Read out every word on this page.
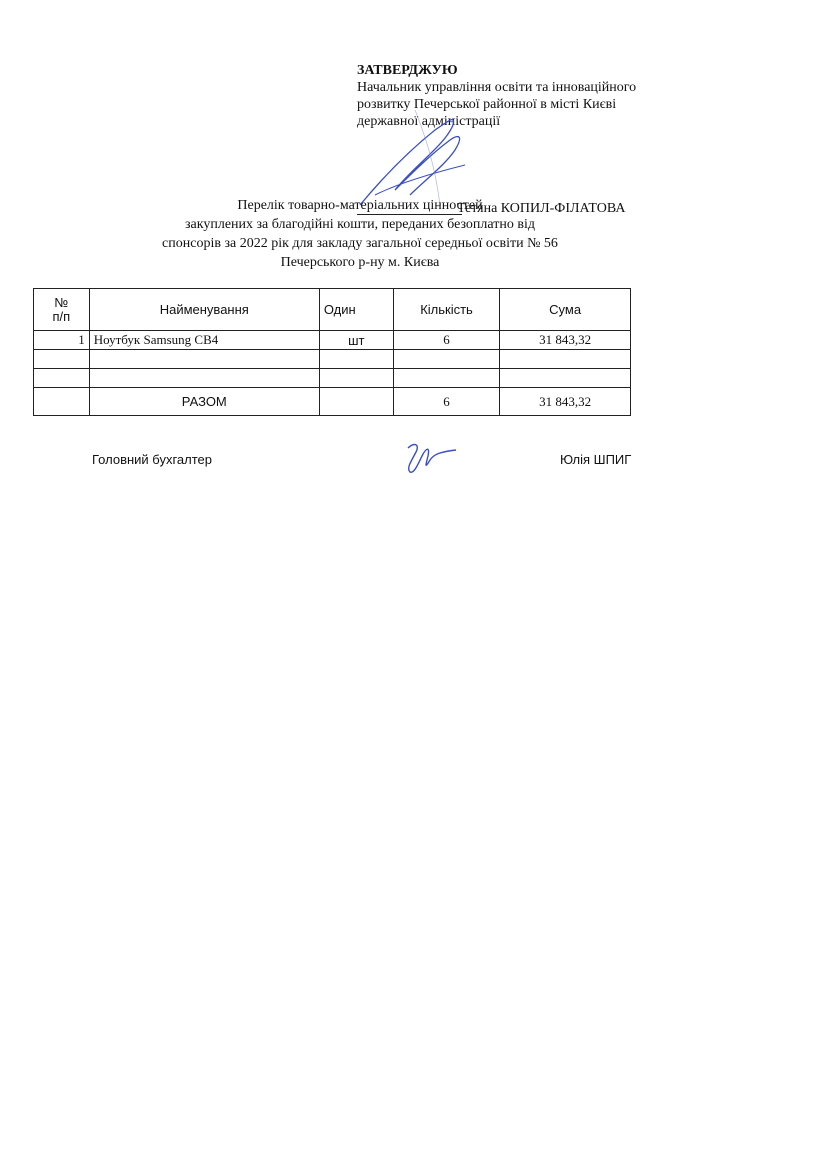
ЗАТВЕРДЖУЮ
Начальник управління освіти та інноваційного
розвитку Печерської районної в місті Києві
державної адміністрації
Тетяна КОПИЛ-ФІЛАТОВА
Перелік товарно-матеріальних цінностей
закуплених за благодійні кошти, переданих безоплатно від
спонсорів за 2022 рік для закладу загальної середньої освіти № 56
Печерського р-ну м. Києва
№
п/п	Найменування	Один	Кількість	Сума
1	Ноутбук Samsung CB4	шт	6	31 843,32

	РАЗОМ		6	31 843,32
Головний бухгалтер	Юлія ШПИГ
